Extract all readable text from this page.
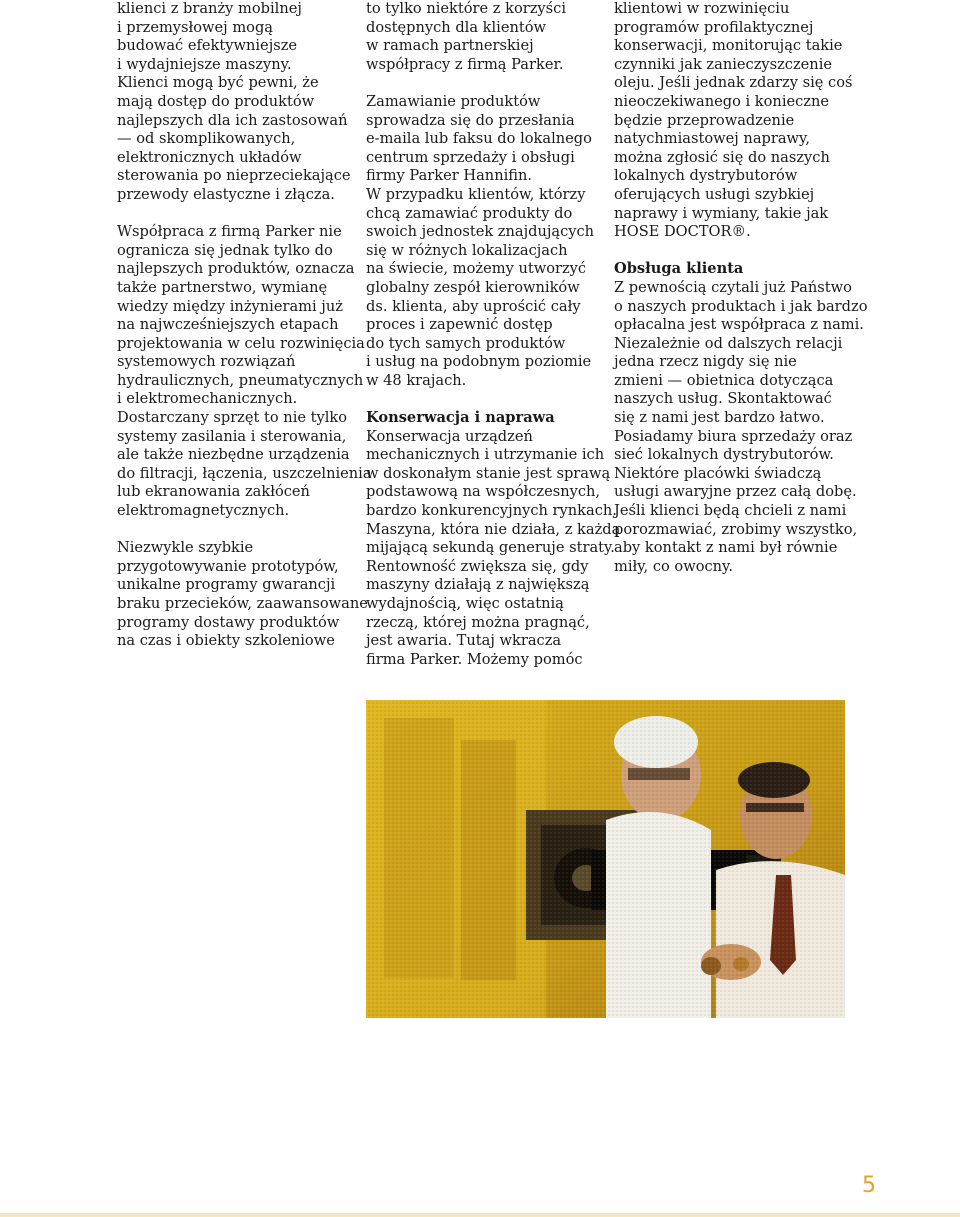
klienci z branży mobilnej

i przemysłowej mogą

budować efektywniejsze

i wydajniejsze maszyny.

Klienci mogą być pewni, że

mają dostęp do produktów

najlepszych dla ich zastosowań

— od skomplikowanych,

elektronicznych układów

sterowania po nieprzeciekające

przewody elastyczne i złącza.

Współpraca z firmą Parker nie

ogranicza się jednak tylko do

najlepszych produktów, oznacza

także partnerstwo, wymianę

wiedzy między inżynierami już

na najwcześniejszych etapach

projektowania w celu rozwinięcia

systemowych rozwiązań

hydraulicznych, pneumatycznych

i elektromechanicznych.

Dostarczany sprzęt to nie tylko

systemy zasilania i sterowania,

ale także niezbędne urządzenia

do filtracji, łączenia, uszczelnienia

lub ekranowania zakłóceń

elektromagnetycznych.

Niezwykle szybkie

przygotowywanie prototypów,

unikalne programy gwarancji

braku przecieków, zaawansowane

programy dostawy produktów

na czas i obiekty szkoleniowe

to tylko niektóre z korzyści

dostępnych dla klientów

w ramach partnerskiej

współpracy z firmą Parker.

Zamawianie produktów

sprowadza się do przesłania

e-maila lub faksu do lokalnego

centrum sprzedaży i obsługi

firmy Parker Hannifin.

W przypadku klientów, którzy

chcą zamawiać produkty do

swoich jednostek znajdujących

się w różnych lokalizacjach

na świecie, możemy utworzyć

globalny zespół kierowników

ds. klienta, aby uprościć cały

proces i zapewnić dostęp

do tych samych produktów

i usług na podobnym poziomie

w 48 krajach.

Konserwacja i naprawa

Konserwacja urządzeń

mechanicznych i utrzymanie ich

w doskonałym stanie jest sprawą

podstawową na współczesnych,

bardzo konkurencyjnych rynkach.

Maszyna, która nie działa, z każdą

mijającą sekundą generuje straty.

Rentowność zwiększa się, gdy

maszyny działają z największą

wydajnością, więc ostatnią

rzeczą, której można pragnąć,

jest awaria. Tutaj wkracza

firma Parker. Możemy pomóc

klientowi w rozwinięciu

programów profilaktycznej

konserwacji, monitorując takie

czynniki jak zanieczyszczenie

oleju. Jeśli jednak zdarzy się coś

nieoczekiwanego i konieczne

będzie przeprowadzenie

natychmiastowej naprawy,

można zgłosić się do naszych

lokalnych dystrybutorów

oferujących usługi szybkiej

naprawy i wymiany, takie jak

HOSE DOCTOR®.

Obsługa klienta

Z pewnością czytali już Państwo

o naszych produktach i jak bardzo

opłacalna jest współpraca z nami.

Niezależnie od dalszych relacji

jedna rzecz nigdy się nie

zmieni — obietnica dotycząca

naszych usług. Skontaktować

się z nami jest bardzo łatwo.

Posiadamy biura sprzedaży oraz

sieć lokalnych dystrybutorów.

Niektóre placówki świadczą

usługi awaryjne przez całą dobę.

Jeśli klienci będą chcieli z nami

porozmawiać, zrobimy wszystko,

aby kontakt z nami był równie

miły, co owocny.

5
